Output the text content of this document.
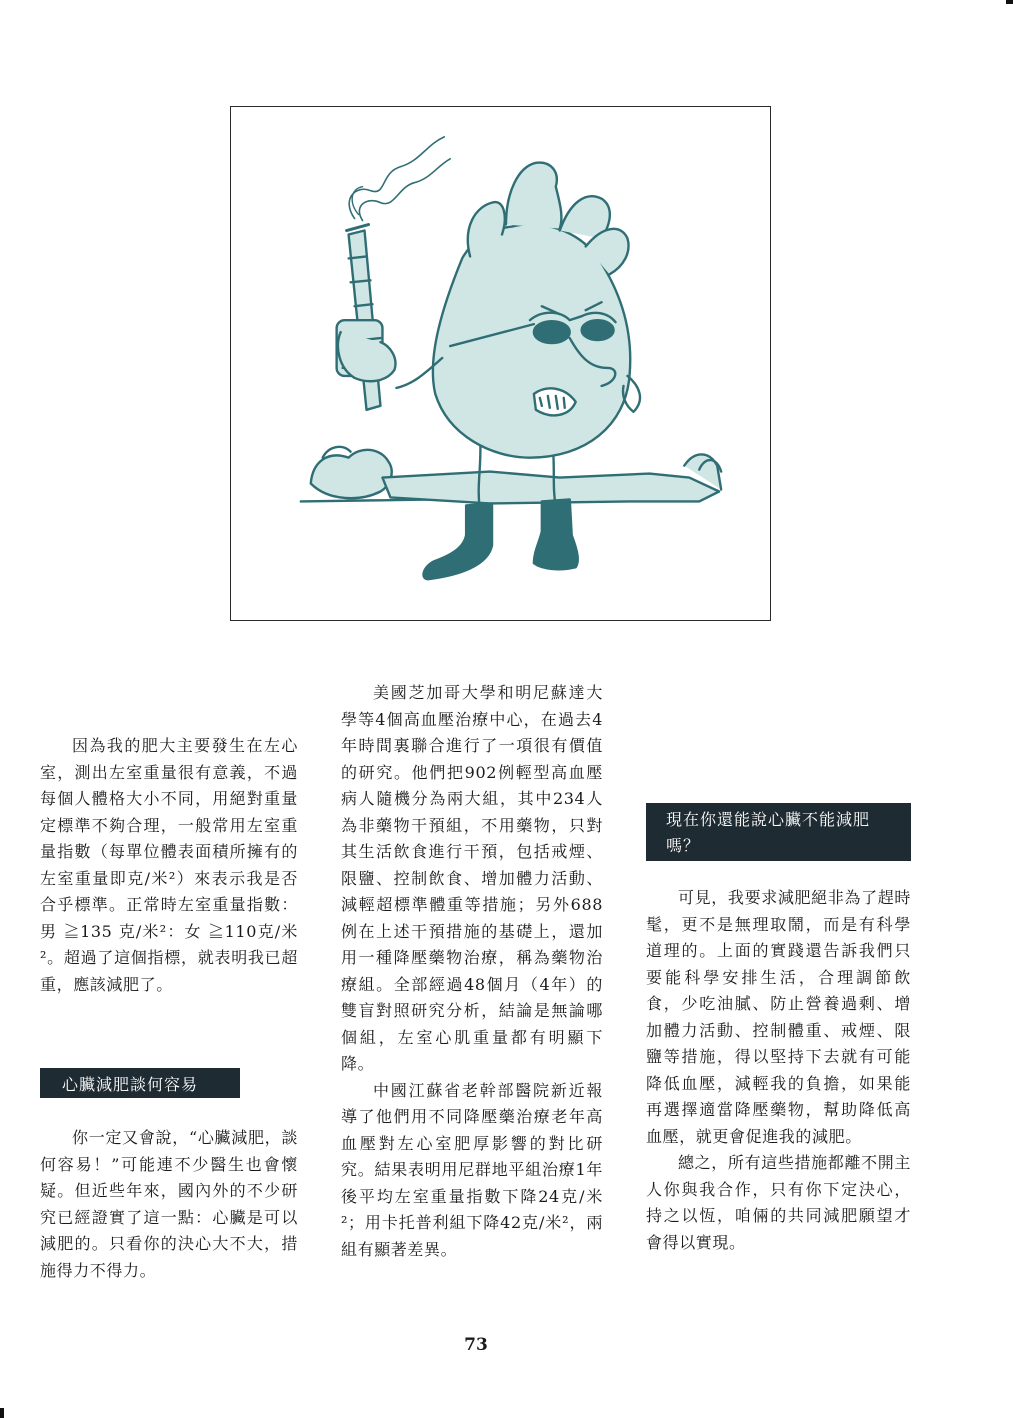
因為我的肥大主要發生在左心室，測出左室重量很有意義，不過每個人體格大小不同，用絕對重量定標準不夠合理，一般常用左室重量指數（每單位體表面積所擁有的左室重量即克/米²）來表示我是否合乎標準。正常時左室重量指數：男 ≧135 克/米²：女 ≧110克/米²。超過了這個指標，就表明我已超重，應該減肥了。

心臟減肥談何容易

你一定又會說，“心臟減肥，談何容易！”可能連不少醫生也會懷疑。但近些年來，國內外的不少研究已經證實了這一點：心臟是可以減肥的。只看你的決心大不大，措施得力不得力。

美國芝加哥大學和明尼蘇達大學等4個高血壓治療中心，在過去4年時間裏聯合進行了一項很有價值的研究。他們把902例輕型高血壓病人隨機分為兩大組，其中234人為非藥物干預組，不用藥物，只對其生活飲食進行干預，包括戒煙、限鹽、控制飲食、增加體力活動、減輕超標準體重等措施；另外688例在上述干預措施的基礎上，還加用一種降壓藥物治療，稱為藥物治療組。全部經過48個月（4年）的雙盲對照研究分析，結論是無論哪個組，左室心肌重量都有明顯下降。

中國江蘇省老幹部醫院新近報導了他們用不同降壓藥治療老年高血壓對左心室肥厚影響的對比研究。結果表明用尼群地平組治療1年後平均左室重量指數下降24克/米²；用卡托普利組下降42克/米²，兩組有顯著差異。

現在你還能說心臟不能減肥嗎？

可見，我要求減肥絕非為了趕時髦，更不是無理取鬧，而是有科學道理的。上面的實踐還告訴我們只要能科學安排生活，合理調節飲食，少吃油膩、防止營養過剩、增加體力活動、控制體重、戒煙、限鹽等措施，得以堅持下去就有可能降低血壓，減輕我的負擔，如果能再選擇適當降壓藥物，幫助降低高血壓，就更會促進我的減肥。

總之，所有這些措施都離不開主人你與我合作，只有你下定決心，持之以恆，咱倆的共同減肥願望才會得以實現。

73
